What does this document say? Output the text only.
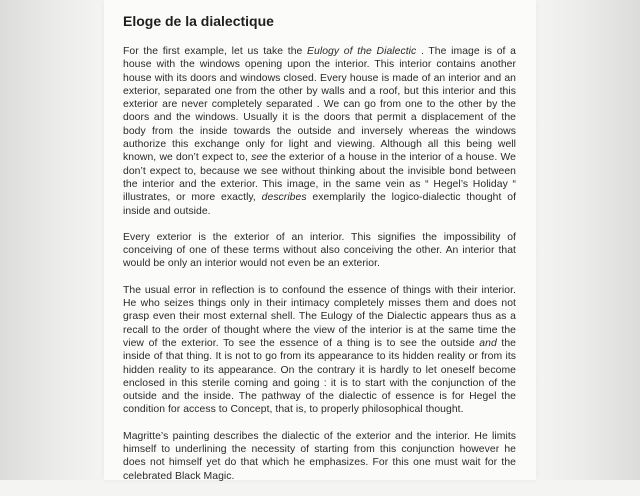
Eloge de la dialectique

For the first example, let us take the Eulogy of the Dialectic . The image is of a house with the windows opening upon the interior. This interior contains another house with its doors and windows closed. Every house is made of an interior and an exterior, separated one from the other by walls and a roof, but this interior and this exterior are never completely separated . We can go from one to the other by the doors and the windows. Usually it is the doors that permit a displacement of the body from the inside towards the outside and inversely whereas the windows authorize this exchange only for light and viewing. Although all this being well known, we don’t expect to, see the exterior of a house in the interior of a house. We don’t expect to, because we see without thinking about the invisible bond between the interior and the exterior. This image, in the same vein as “ Hegel’s Holiday “ illustrates, or more exactly, describes exemplarily the logico-dialectic thought of inside and outside.

Every exterior is the exterior of an interior. This signifies the impossibility of conceiving of one of these terms without also conceiving the other. An interior that would be only an interior would not even be an exterior.

The usual error in reflection is to confound the essence of things with their interior. He who seizes things only in their intimacy completely misses them and does not grasp even their most external shell. The Eulogy of the Dialectic appears thus as a recall to the order of thought where the view of the interior is at the same time the view of the exterior. To see the essence of a thing is to see the outside and the inside of that thing. It is not to go from its appearance to its hidden reality or from its hidden reality to its appearance. On the contrary it is hardly to let oneself become enclosed in this sterile coming and going : it is to start with the conjunction of the outside and the inside. The pathway of the dialectic of essence is for Hegel the condition for access to Concept, that is, to properly philosophical thought.

Magritte’s painting describes the dialectic of the exterior and the interior. He limits himself to underlining the necessity of starting from this conjunction however he does not himself yet do that which he emphasizes. For this one must wait for the celebrated Black Magic.
